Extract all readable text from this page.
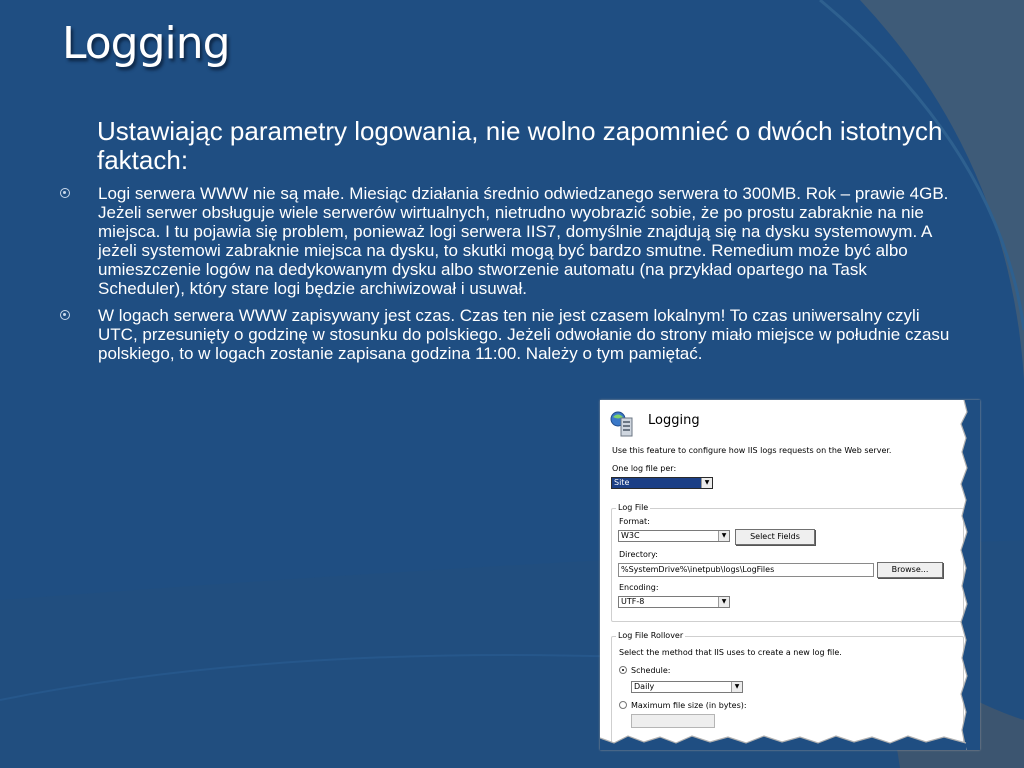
Logging

Ustawiając parametry logowania, nie wolno zapomnieć o dwóch istotnych faktach:

Logi serwera WWW nie są małe. Miesiąc działania średnio odwiedzanego serwera to 300MB. Rok – prawie 4GB. Jeżeli serwer obsługuje wiele serwerów wirtualnych, nietrudno wyobrazić sobie, że po prostu zabraknie na nie miejsca. I tu pojawia się problem, ponieważ logi serwera IIS7, domyślnie znajdują się na dysku systemowym. A jeżeli systemowi zabraknie miejsca na dysku, to skutki mogą być bardzo smutne. Remedium może być albo umieszczenie logów na dedykowanym dysku albo stworzenie automatu (na przykład opartego na Task Scheduler), który stare logi będzie archiwizował i usuwał.
W logach serwera WWW zapisywany jest czas. Czas ten nie jest czasem lokalnym! To czas uniwersalny czyli UTC, przesunięty o godzinę w stosunku do polskiego. Jeżeli odwołanie do strony miało miejsce w południe czasu polskiego, to w logach zostanie zapisana godzina 11:00. Należy o tym pamiętać.
Logging
Use this feature to configure how IIS logs requests on the Web server.
One log file per:
Site	▼
Log File
Format:
W3C	▼	Select Fields
Directory:
%SystemDrive%\inetpub\logs\LogFiles	Browse...
Encoding:
UTF-8	▼
Log File Rollover
Select the method that IIS uses to create a new log file.
Schedule:
Daily	▼
Maximum file size (in bytes):
